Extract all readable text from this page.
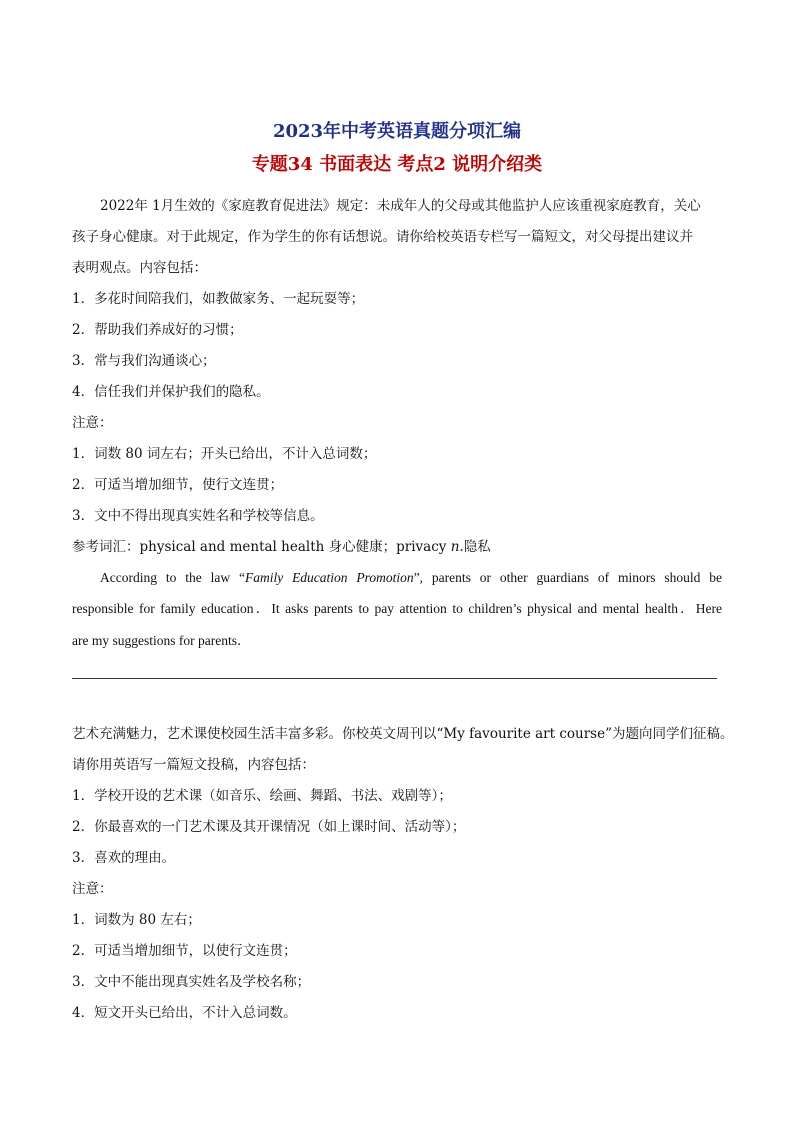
2023年中考英语真题分项汇编
专题34 书面表达 考点2 说明介绍类
2022年 1月生效的《家庭教育促进法》规定：未成年人的父母或其他监护人应该重视家庭教育，关心
孩子身心健康。对于此规定，作为学生的你有话想说。请你给校英语专栏写一篇短文，对父母提出建议并
表明观点。内容包括：
1．多花时间陪我们，如教做家务、一起玩耍等；
2．帮助我们养成好的习惯；
3．常与我们沟通谈心；
4．信任我们并保护我们的隐私。
注意：
1．词数 80 词左右；开头已给出，不计入总词数；
2．可适当增加细节，使行文连贯；
3．文中不得出现真实姓名和学校等信息。
参考词汇：physical and mental health 身心健康；privacy n.隐私
According to the law “Family Education Promotion”, parents or other guardians of minors should be
responsible for family education．It asks parents to pay attention to children’s physical and mental health．Here
are my suggestions for parents．
艺术充满魅力，艺术课使校园生活丰富多彩。你校英文周刊以“My favourite art course”为题向同学们征稿。
请你用英语写一篇短文投稿，内容包括：
1．学校开设的艺术课（如音乐、绘画、舞蹈、书法、戏剧等）；
2．你最喜欢的一门艺术课及其开课情况（如上课时间、活动等）；
3．喜欢的理由。
注意：
1．词数为 80 左右；
2．可适当增加细节，以使行文连贯；
3．文中不能出现真实姓名及学校名称；
4．短文开头已给出，不计入总词数。
